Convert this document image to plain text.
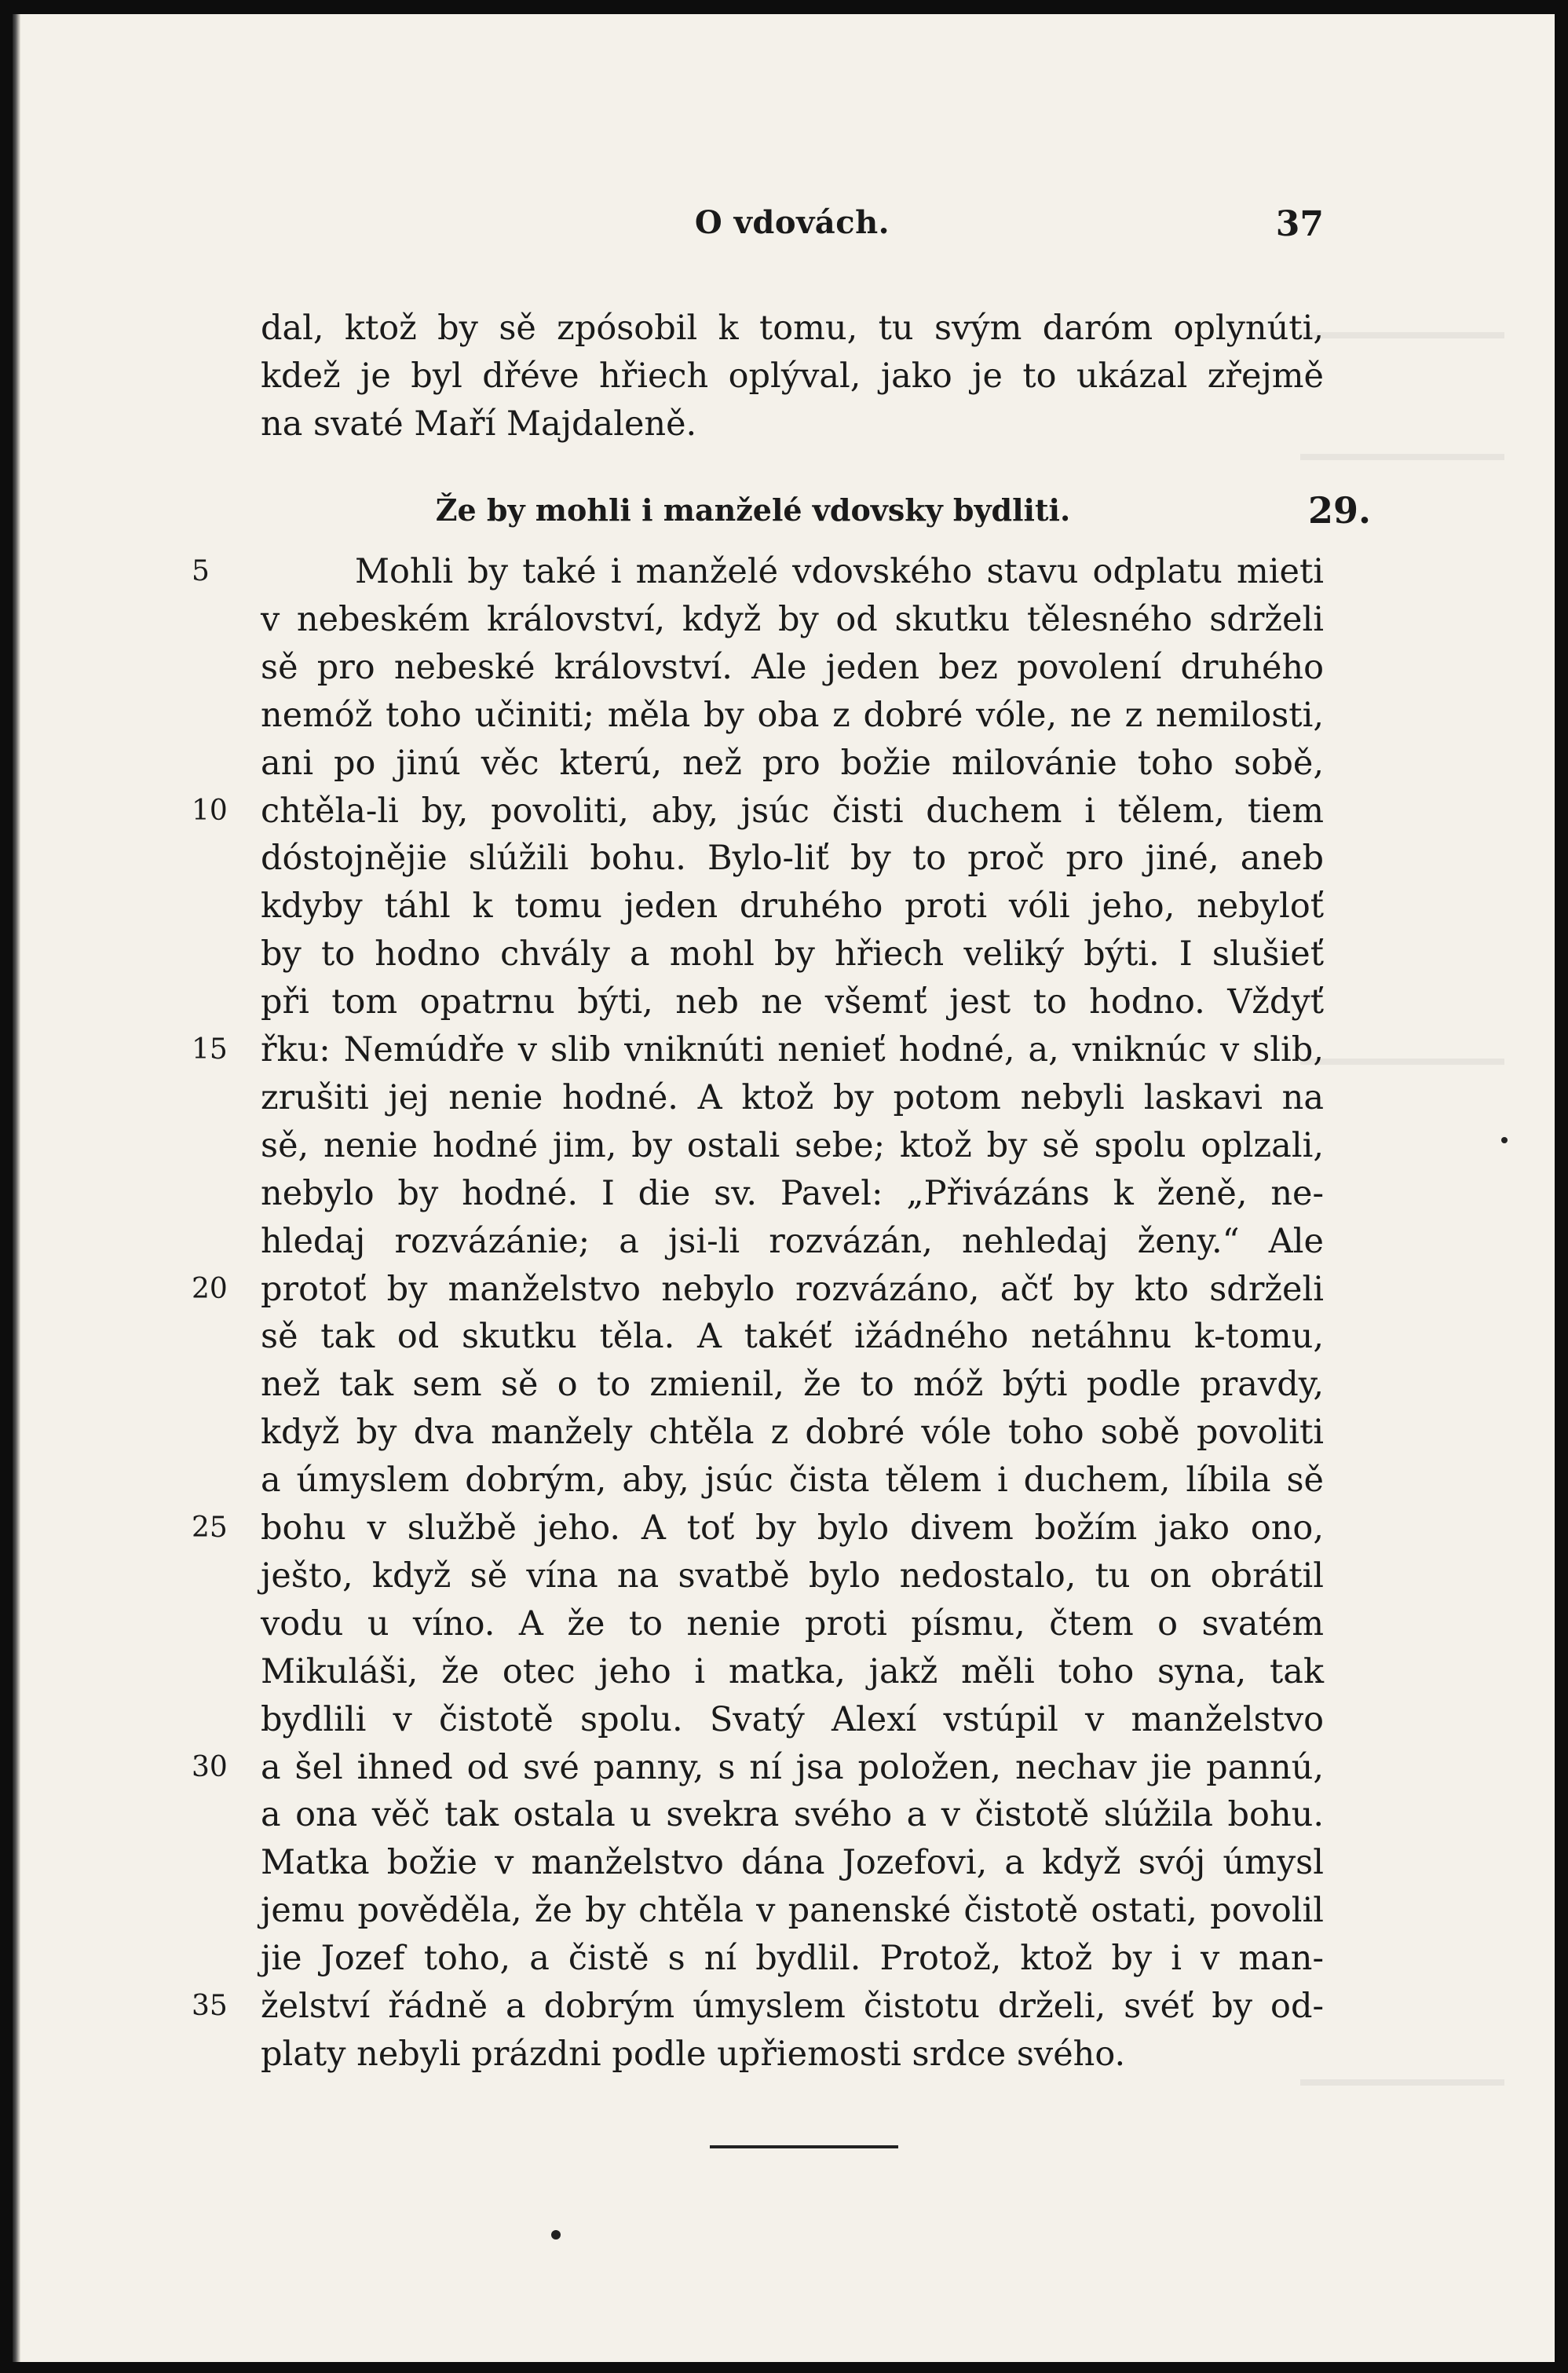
O vdovách.	37
dal, ktož by sě zpósobil k tomu, tu svým daróm oplynúti,
kdež je byl dřéve hřiech oplýval, jako je to ukázal zřejmě
na svaté Maří Majdaleně.
Mohli by také i manželé vdovského stavu odplatu mieti
5
v nebeském království, když by od skutku tělesného sdrželi
sě pro nebeské království. Ale jeden bez povolení druhého
nemóž toho učiniti; měla by oba z dobré vóle, ne z nemilosti,
ani po jinú věc kterú, než pro božie milovánie toho sobě,
chtěla-li by, povoliti, aby, jsúc čisti duchem i tělem, tiem
10
dóstojnějie slúžili bohu. Bylo-liť by to proč pro jiné, aneb
kdyby táhl k tomu jeden druhého proti vóli jeho, nebyloť
by to hodno chvály a mohl by hřiech veliký býti. I slušieť
při tom opatrnu býti, neb ne všemť jest to hodno. Vždyť
řku: Nemúdře v slib vniknúti nenieť hodné, a, vniknúc v slib,
15
zrušiti jej nenie hodné. A ktož by potom nebyli laskavi na
sě, nenie hodné jim, by ostali sebe; ktož by sě spolu oplzali,
nebylo by hodné. I die sv. Pavel: „Přivázáns k ženě, ne-
hledaj rozvázánie; a jsi-li rozvázán, nehledaj ženy.“ Ale
protoť by manželstvo nebylo rozvázáno, ačť by kto sdrželi
20
sě tak od skutku těla. A takéť ižádného netáhnu k-tomu,
než tak sem sě o to zmienil, že to móž býti podle pravdy,
když by dva manžely chtěla z dobré vóle toho sobě povoliti
a úmyslem dobrým, aby, jsúc čista tělem i duchem, líbila sě
bohu v službě jeho. A toť by bylo divem božím jako ono,
25
ješto, když sě vína na svatbě bylo nedostalo, tu on obrátil
vodu u víno. A že to nenie proti písmu, čtem o svatém
Mikuláši, že otec jeho i matka, jakž měli toho syna, tak
bydlili v čistotě spolu. Svatý Alexí vstúpil v manželstvo
a šel ihned od své panny, s ní jsa položen, nechav jie pannú,
30
a ona věč tak ostala u svekra svého a v čistotě slúžila bohu.
Matka božie v manželstvo dána Jozefovi, a když svój úmysl
jemu pověděla, že by chtěla v panenské čistotě ostati, povolil
jie Jozef toho, a čistě s ní bydlil. Protož, ktož by i v man-
želství řádně a dobrým úmyslem čistotu drželi, svéť by od-
35
platy nebyli prázdni podle upřiemosti srdce svého.
Že by mohli i manželé vdovsky bydliti.	29.
